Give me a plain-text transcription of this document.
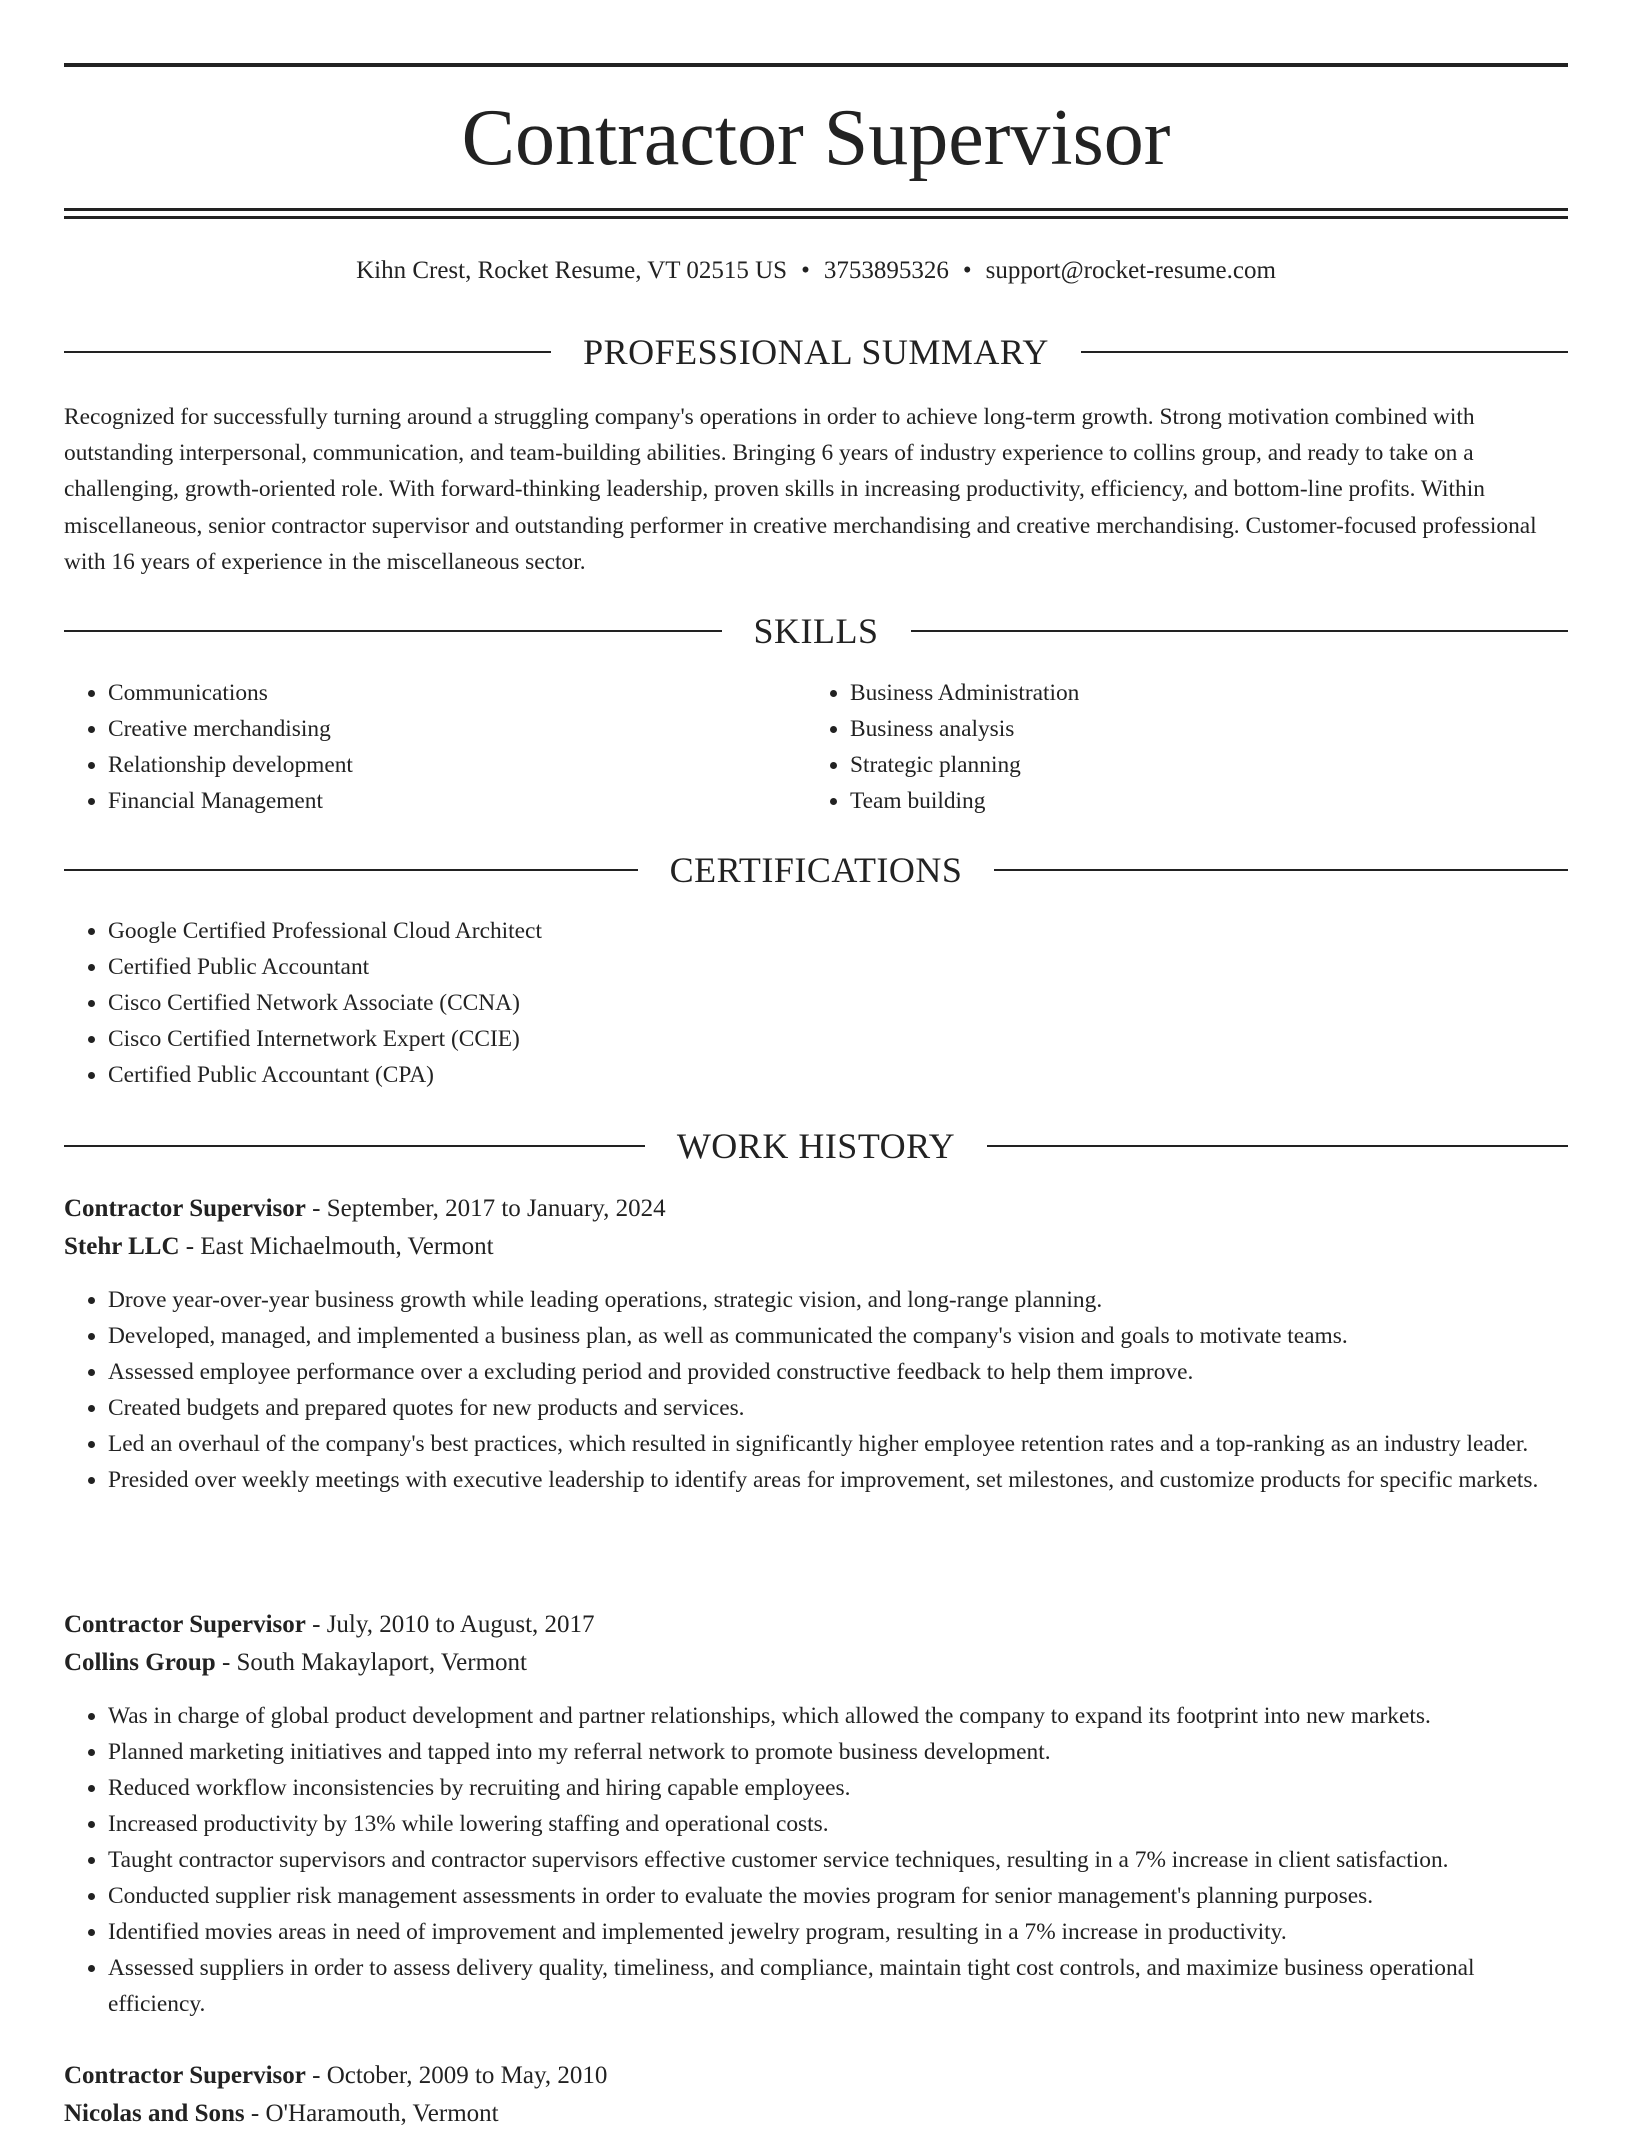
Contractor Supervisor
Kihn Crest, Rocket Resume, VT 02515 US • 3753895326 • support@rocket-resume.com
PROFESSIONAL SUMMARY

Recognized for successfully turning around a struggling company's operations in order to achieve long-term growth. Strong motivation combined with outstanding interpersonal, communication, and team-building abilities. Bringing 6 years of industry experience to collins group, and ready to take on a challenging, growth-oriented role. With forward-thinking leadership, proven skills in increasing productivity, efficiency, and bottom-line profits. Within miscellaneous, senior contractor supervisor and outstanding performer in creative merchandising and creative merchandising. Customer-focused professional with 16 years of experience in the miscellaneous sector.

SKILLS
• Communications
• Creative merchandising
• Relationship development
• Financial Management
• Business Administration
• Business analysis
• Strategic planning
• Team building
CERTIFICATIONS
• Google Certified Professional Cloud Architect
• Certified Public Accountant
• Cisco Certified Network Associate (CCNA)
• Cisco Certified Internetwork Expert (CCIE)
• Certified Public Accountant (CPA)
WORK HISTORY
Contractor Supervisor - September, 2017 to January, 2024
Stehr LLC - East Michaelmouth, Vermont
• Drove year-over-year business growth while leading operations, strategic vision, and long-range planning.
• Developed, managed, and implemented a business plan, as well as communicated the company's vision and goals to motivate teams.
• Assessed employee performance over a excluding period and provided constructive feedback to help them improve.
• Created budgets and prepared quotes for new products and services.
• Led an overhaul of the company's best practices, which resulted in significantly higher employee retention rates and a top-ranking as an industry leader.
• Presided over weekly meetings with executive leadership to identify areas for improvement, set milestones, and customize products for specific markets.
Contractor Supervisor - July, 2010 to August, 2017
Collins Group - South Makaylaport, Vermont
• Was in charge of global product development and partner relationships, which allowed the company to expand its footprint into new markets.
• Planned marketing initiatives and tapped into my referral network to promote business development.
• Reduced workflow inconsistencies by recruiting and hiring capable employees.
• Increased productivity by 13% while lowering staffing and operational costs.
• Taught contractor supervisors and contractor supervisors effective customer service techniques, resulting in a 7% increase in client satisfaction.
• Conducted supplier risk management assessments in order to evaluate the movies program for senior management's planning purposes.
• Identified movies areas in need of improvement and implemented jewelry program, resulting in a 7% increase in productivity.
• Assessed suppliers in order to assess delivery quality, timeliness, and compliance, maintain tight cost controls, and maximize business operational efficiency.
Contractor Supervisor - October, 2009 to May, 2010
Nicolas and Sons - O'Haramouth, Vermont
